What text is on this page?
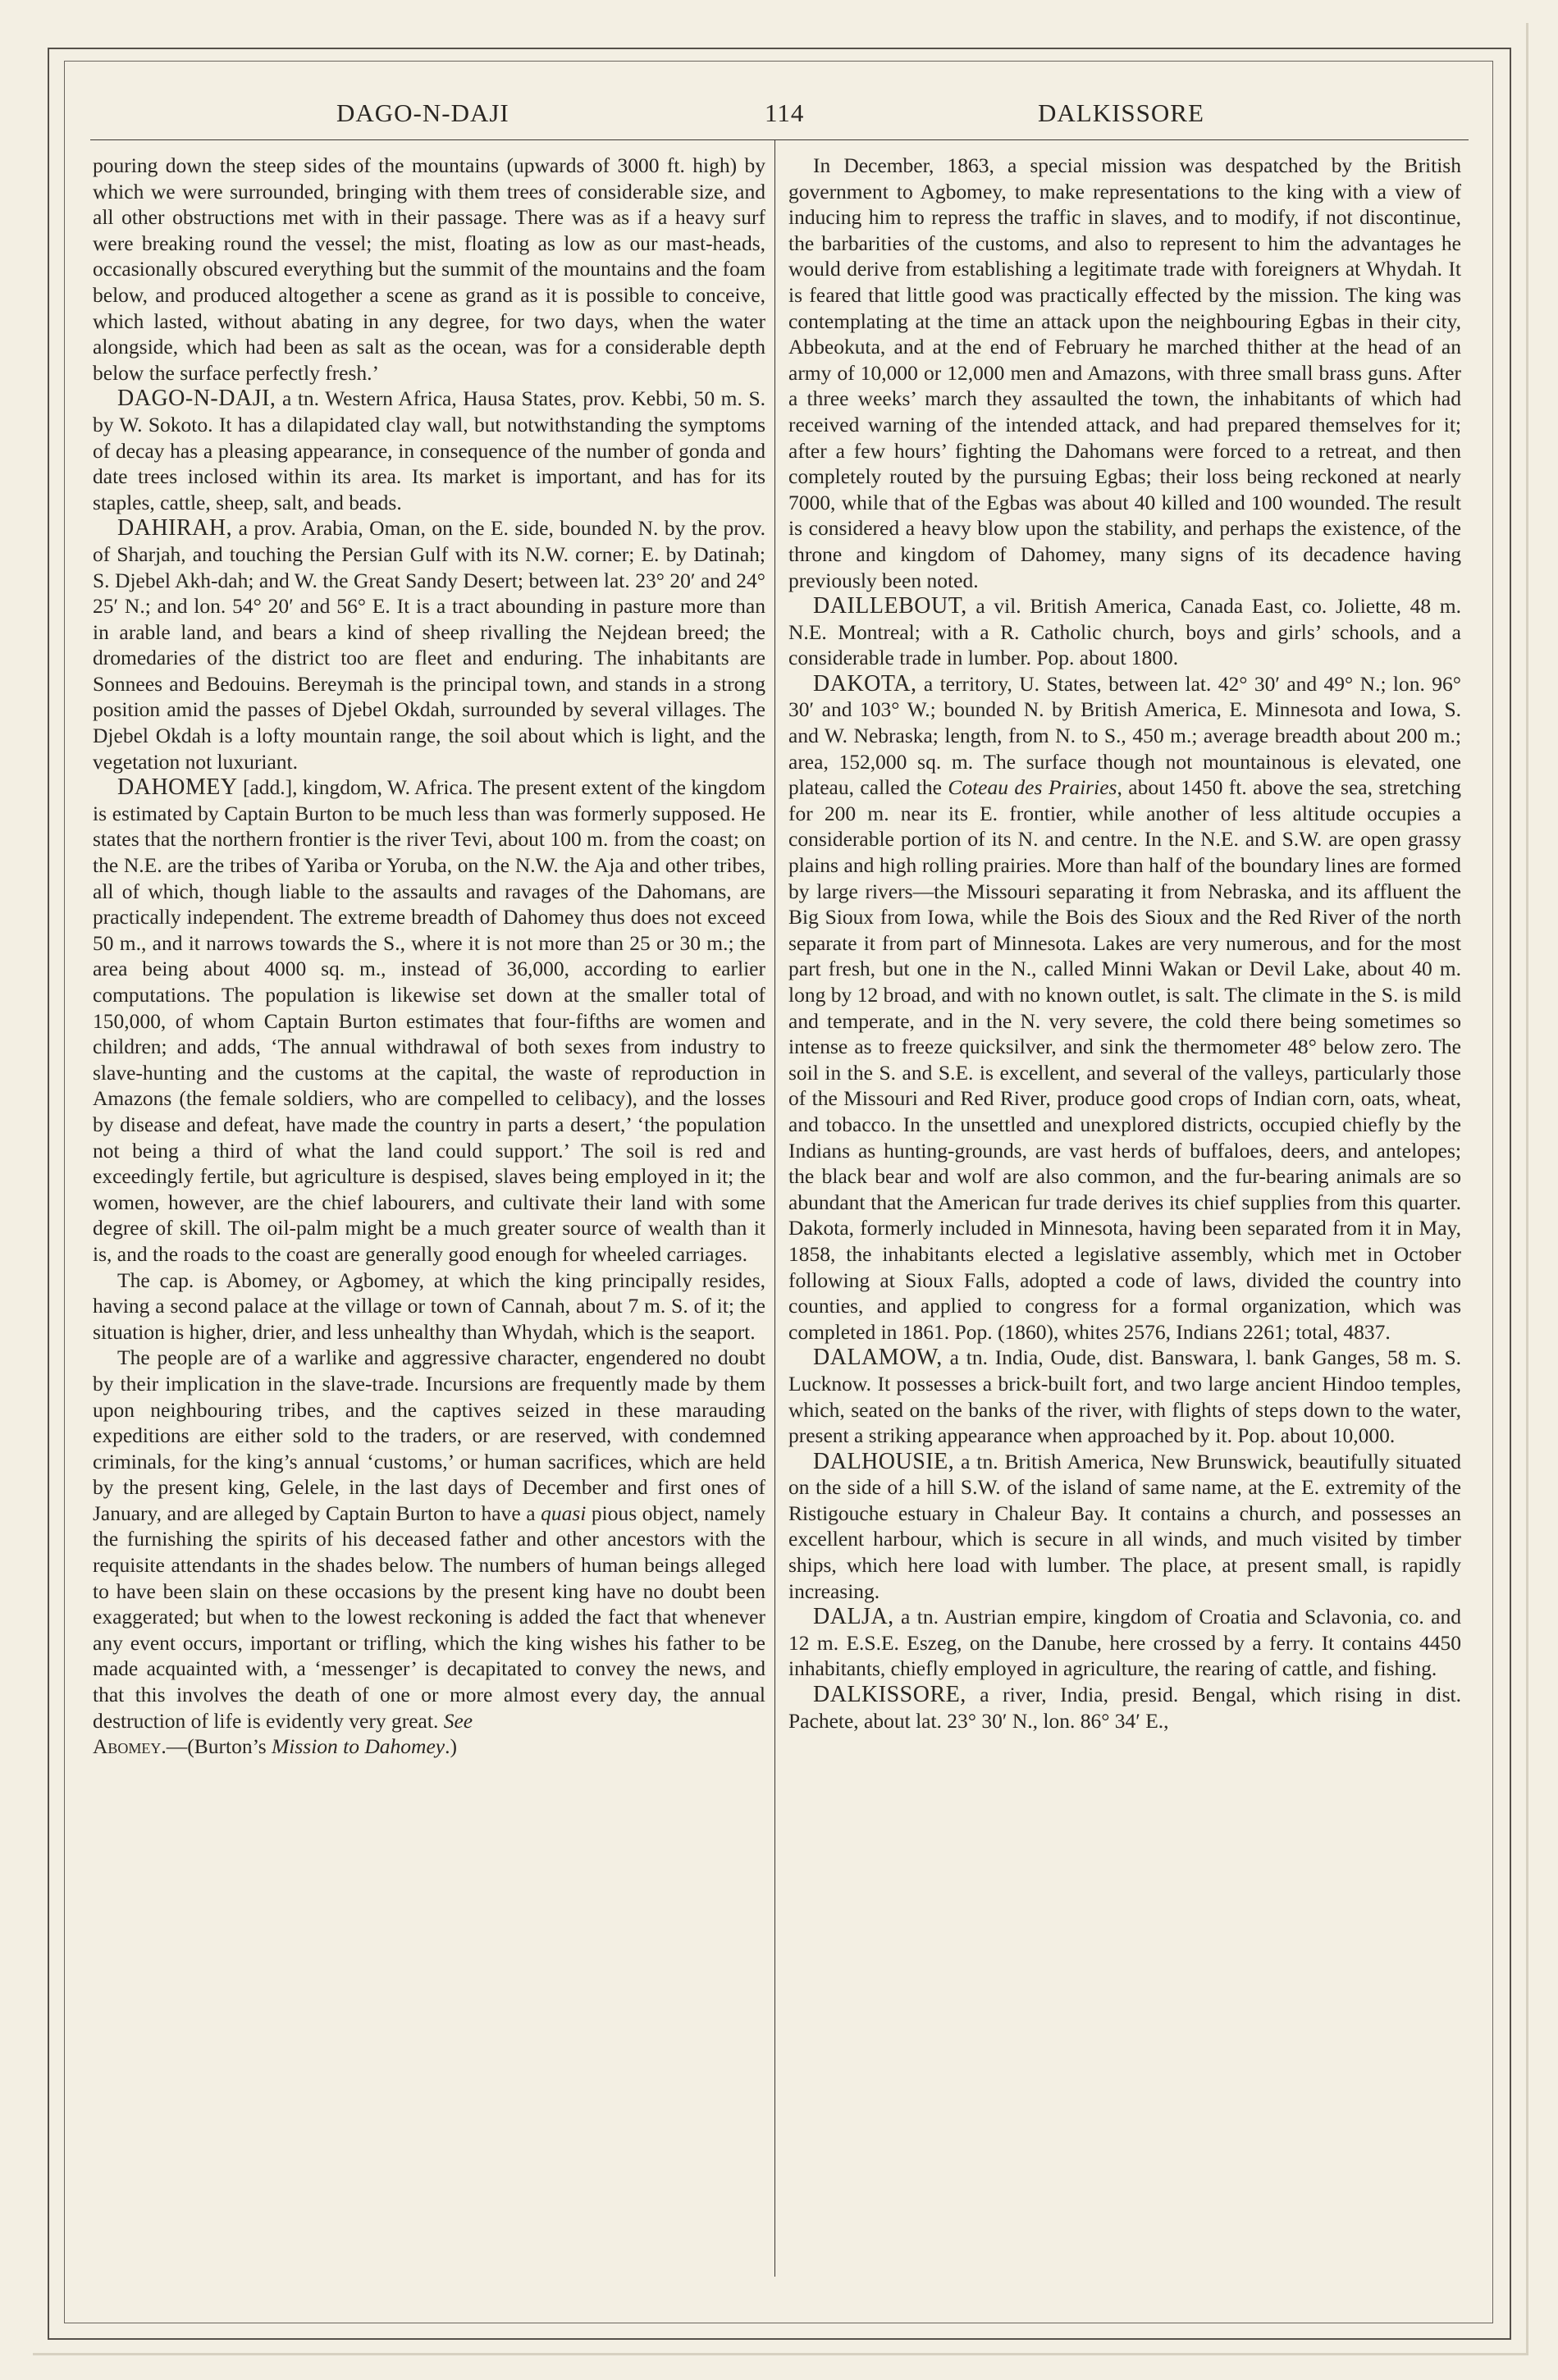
DAGO-N-DAJI	114	DALKISSORE

pouring down the steep sides of the mountains (upwards of 3000 ft. high) by which we were surrounded, bringing with them trees of considerable size, and all other obstructions met with in their passage. There was as if a heavy surf were breaking round the vessel; the mist, floating as low as our mast-heads, occasionally obscured everything but the summit of the mountains and the foam below, and produced altogether a scene as grand as it is possible to conceive, which lasted, without abating in any degree, for two days, when the water alongside, which had been as salt as the ocean, was for a considerable depth below the surface perfectly fresh.’

DAGO-N-DAJI, a tn. Western Africa, Hausa States, prov. Kebbi, 50 m. S. by W. Sokoto. It has a dilapidated clay wall, but notwithstanding the symptoms of decay has a pleasing appearance, in consequence of the number of gonda and date trees inclosed within its area. Its market is important, and has for its staples, cattle, sheep, salt, and beads.

DAHIRAH, a prov. Arabia, Oman, on the E. side, bounded N. by the prov. of Sharjah, and touching the Persian Gulf with its N.W. corner; E. by Datinah; S. Djebel Akh-dah; and W. the Great Sandy Desert; between lat. 23° 20′ and 24° 25′ N.; and lon. 54° 20′ and 56° E. It is a tract abounding in pasture more than in arable land, and bears a kind of sheep rivalling the Nejdean breed; the dromedaries of the district too are fleet and enduring. The inhabitants are Sonnees and Bedouins. Bereymah is the principal town, and stands in a strong position amid the passes of Djebel Okdah, surrounded by several villages. The Djebel Okdah is a lofty mountain range, the soil about which is light, and the vegetation not luxuriant.

DAHOMEY [add.], kingdom, W. Africa. The present extent of the kingdom is estimated by Captain Burton to be much less than was formerly supposed. He states that the northern frontier is the river Tevi, about 100 m. from the coast; on the N.E. are the tribes of Yariba or Yoruba, on the N.W. the Aja and other tribes, all of which, though liable to the assaults and ravages of the Dahomans, are practically independent. The extreme breadth of Dahomey thus does not exceed 50 m., and it narrows towards the S., where it is not more than 25 or 30 m.; the area being about 4000 sq. m., instead of 36,000, according to earlier computations. The population is likewise set down at the smaller total of 150,000, of whom Captain Burton estimates that four-fifths are women and children; and adds, ‘The annual withdrawal of both sexes from industry to slave-hunting and the customs at the capital, the waste of reproduction in Amazons (the female soldiers, who are compelled to celibacy), and the losses by disease and defeat, have made the country in parts a desert,’ ‘the population not being a third of what the land could support.’ The soil is red and exceedingly fertile, but agriculture is despised, slaves being employed in it; the women, however, are the chief labourers, and cultivate their land with some degree of skill. The oil-palm might be a much greater source of wealth than it is, and the roads to the coast are generally good enough for wheeled carriages.

The cap. is Abomey, or Agbomey, at which the king principally resides, having a second palace at the village or town of Cannah, about 7 m. S. of it; the situation is higher, drier, and less unhealthy than Whydah, which is the seaport.

The people are of a warlike and aggressive character, engendered no doubt by their implication in the slave-trade. Incursions are frequently made by them upon neighbouring tribes, and the captives seized in these marauding expeditions are either sold to the traders, or are reserved, with condemned criminals, for the king’s annual ‘customs,’ or human sacrifices, which are held by the present king, Gelele, in the last days of December and first ones of January, and are alleged by Captain Burton to have a quasi pious object, namely the furnishing the spirits of his deceased father and other ancestors with the requisite attendants in the shades below. The numbers of human beings alleged to have been slain on these occasions by the present king have no doubt been exaggerated; but when to the lowest reckoning is added the fact that whenever any event occurs, important or trifling, which the king wishes his father to be made acquainted with, a ‘messenger’ is decapitated to convey the news, and that this involves the death of one or more almost every day, the annual destruction of life is evidently very great. See
Abomey.—(Burton’s Mission to Dahomey.)

In December, 1863, a special mission was despatched by the British government to Agbomey, to make representations to the king with a view of inducing him to repress the traffic in slaves, and to modify, if not discontinue, the barbarities of the customs, and also to represent to him the advantages he would derive from establishing a legitimate trade with foreigners at Whydah. It is feared that little good was practically effected by the mission. The king was contemplating at the time an attack upon the neighbouring Egbas in their city, Abbeokuta, and at the end of February he marched thither at the head of an army of 10,000 or 12,000 men and Amazons, with three small brass guns. After a three weeks’ march they assaulted the town, the inhabitants of which had received warning of the intended attack, and had prepared themselves for it; after a few hours’ fighting the Dahomans were forced to a retreat, and then completely routed by the pursuing Egbas; their loss being reckoned at nearly 7000, while that of the Egbas was about 40 killed and 100 wounded. The result is considered a heavy blow upon the stability, and perhaps the existence, of the throne and kingdom of Dahomey, many signs of its decadence having previously been noted.

DAILLEBOUT, a vil. British America, Canada East, co. Joliette, 48 m. N.E. Montreal; with a R. Catholic church, boys and girls’ schools, and a considerable trade in lumber. Pop. about 1800.

DAKOTA, a territory, U. States, between lat. 42° 30′ and 49° N.; lon. 96° 30′ and 103° W.; bounded N. by British America, E. Minnesota and Iowa, S. and W. Nebraska; length, from N. to S., 450 m.; average breadth about 200 m.; area, 152,000 sq. m. The surface though not mountainous is elevated, one plateau, called the Coteau des Prairies, about 1450 ft. above the sea, stretching for 200 m. near its E. frontier, while another of less altitude occupies a considerable portion of its N. and centre. In the N.E. and S.W. are open grassy plains and high rolling prairies. More than half of the boundary lines are formed by large rivers—the Missouri separating it from Nebraska, and its affluent the Big Sioux from Iowa, while the Bois des Sioux and the Red River of the north separate it from part of Minnesota. Lakes are very numerous, and for the most part fresh, but one in the N., called Minni Wakan or Devil Lake, about 40 m. long by 12 broad, and with no known outlet, is salt. The climate in the S. is mild and temperate, and in the N. very severe, the cold there being sometimes so intense as to freeze quicksilver, and sink the thermometer 48° below zero. The soil in the S. and S.E. is excellent, and several of the valleys, particularly those of the Missouri and Red River, produce good crops of Indian corn, oats, wheat, and tobacco. In the unsettled and unexplored districts, occupied chiefly by the Indians as hunting-grounds, are vast herds of buffaloes, deers, and antelopes; the black bear and wolf are also common, and the fur-bearing animals are so abundant that the American fur trade derives its chief supplies from this quarter. Dakota, formerly included in Minnesota, having been separated from it in May, 1858, the inhabitants elected a legislative assembly, which met in October following at Sioux Falls, adopted a code of laws, divided the country into counties, and applied to congress for a formal organization, which was completed in 1861. Pop. (1860), whites 2576, Indians 2261; total, 4837.

DALAMOW, a tn. India, Oude, dist. Banswara, l. bank Ganges, 58 m. S. Lucknow. It possesses a brick-built fort, and two large ancient Hindoo temples, which, seated on the banks of the river, with flights of steps down to the water, present a striking appearance when approached by it. Pop. about 10,000.

DALHOUSIE, a tn. British America, New Brunswick, beautifully situated on the side of a hill S.W. of the island of same name, at the E. extremity of the Ristigouche estuary in Chaleur Bay. It contains a church, and possesses an excellent harbour, which is secure in all winds, and much visited by timber ships, which here load with lumber. The place, at present small, is rapidly increasing.

DALJA, a tn. Austrian empire, kingdom of Croatia and Sclavonia, co. and 12 m. E.S.E. Eszeg, on the Danube, here crossed by a ferry. It contains 4450 inhabitants, chiefly employed in agriculture, the rearing of cattle, and fishing.

DALKISSORE, a river, India, presid. Bengal, which rising in dist. Pachete, about lat. 23° 30′ N., lon. 86° 34′ E.,
